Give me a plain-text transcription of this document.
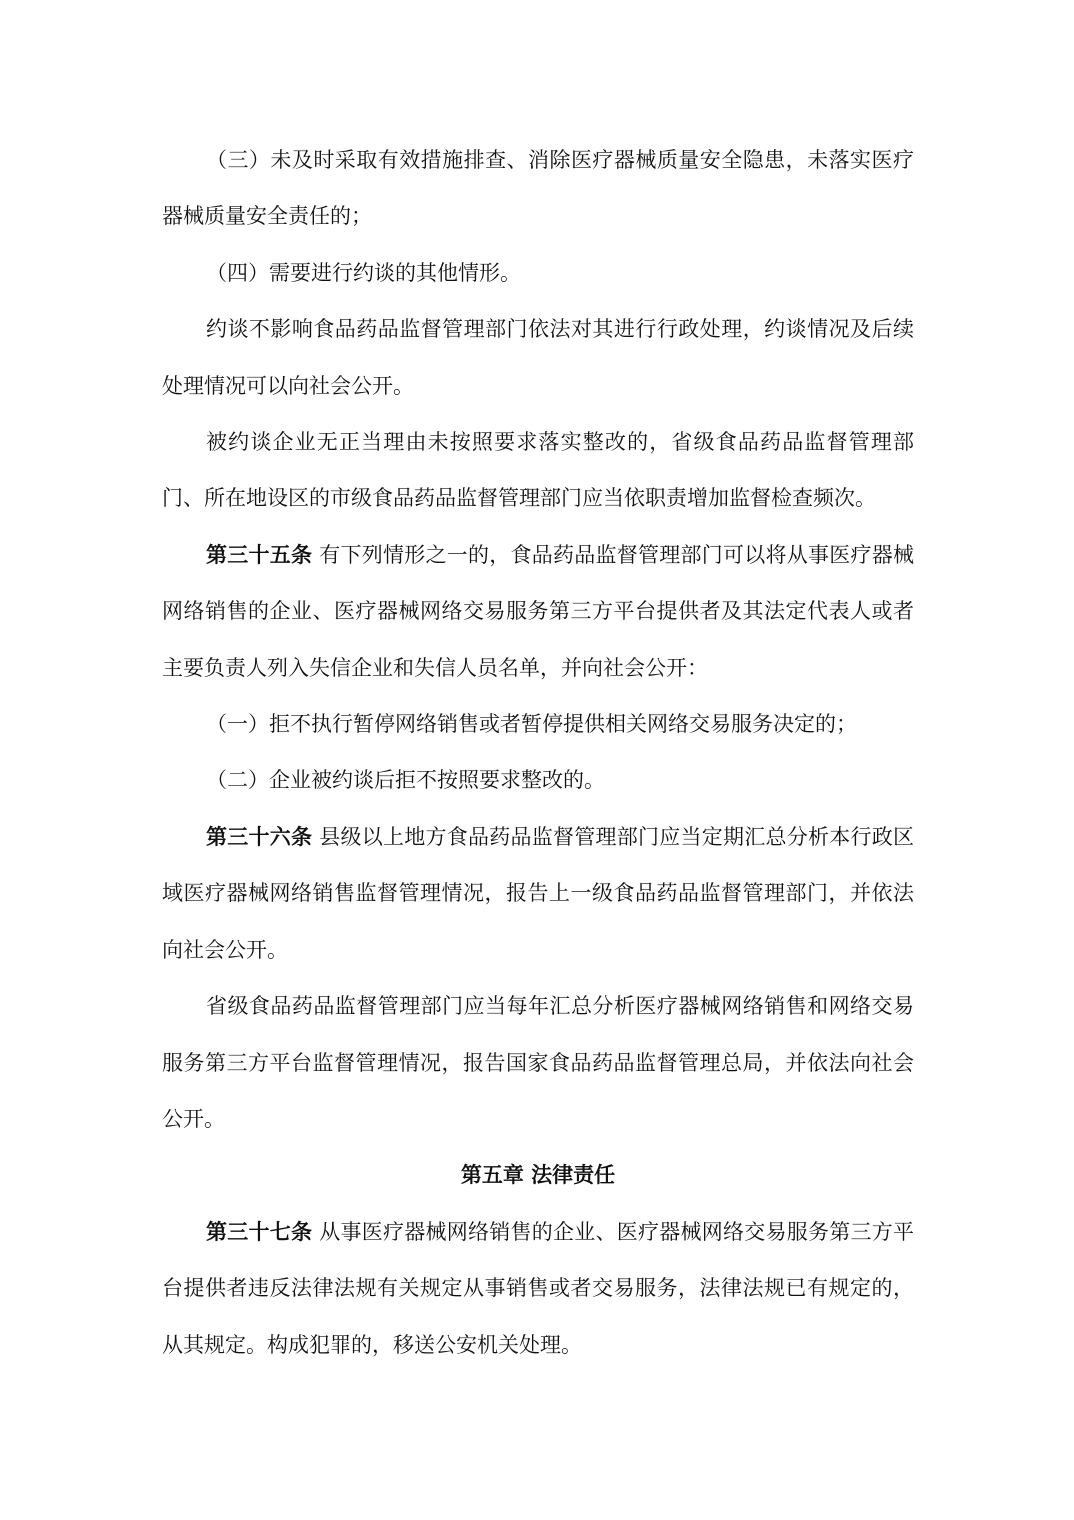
（三）未及时采取有效措施排查、消除医疗器械质量安全隐患，未落实医疗器械质量安全责任的；

（四）需要进行约谈的其他情形。

约谈不影响食品药品监督管理部门依法对其进行行政处理，约谈情况及后续处理情况可以向社会公开。

被约谈企业无正当理由未按照要求落实整改的，省级食品药品监督管理部门、所在地设区的市级食品药品监督管理部门应当依职责增加监督检查频次。

第三十五条 有下列情形之一的，食品药品监督管理部门可以将从事医疗器械网络销售的企业、医疗器械网络交易服务第三方平台提供者及其法定代表人或者主要负责人列入失信企业和失信人员名单，并向社会公开：

（一）拒不执行暂停网络销售或者暂停提供相关网络交易服务决定的；

（二）企业被约谈后拒不按照要求整改的。

第三十六条 县级以上地方食品药品监督管理部门应当定期汇总分析本行政区域医疗器械网络销售监督管理情况，报告上一级食品药品监督管理部门，并依法向社会公开。

省级食品药品监督管理部门应当每年汇总分析医疗器械网络销售和网络交易服务第三方平台监督管理情况，报告国家食品药品监督管理总局，并依法向社会公开。

第五章 法律责任

第三十七条 从事医疗器械网络销售的企业、医疗器械网络交易服务第三方平台提供者违反法律法规有关规定从事销售或者交易服务，法律法规已有规定的，从其规定。构成犯罪的，移送公安机关处理。
